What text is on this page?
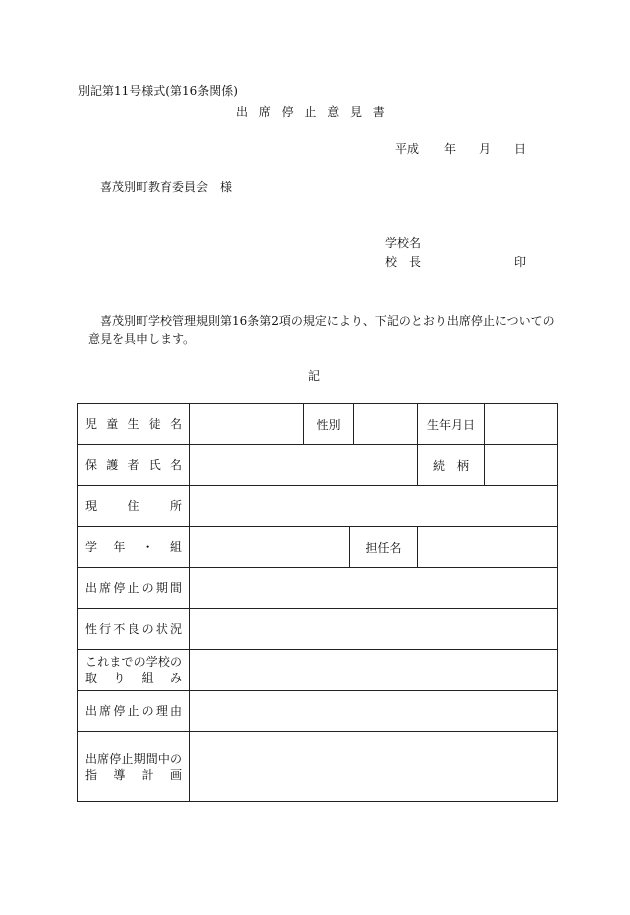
別記第11号様式(第16条関係)
出席停止意見書
平成 年 月 日
喜茂別町教育委員会　様
学校名
校　長	印
喜茂別町学校管理規則第16条第2項の規定により、下記のとおり出席停止についての
意見を具申します。
記
児童生徒名		性別			生年月日	

保護者氏名					続　柄	

現住所						

学年・組			担任名			

出席停止の期間						

性行不良の状況						

これまでの学校の
取り組み						

出席停止の理由						

出席停止期間中の
指導計画						
